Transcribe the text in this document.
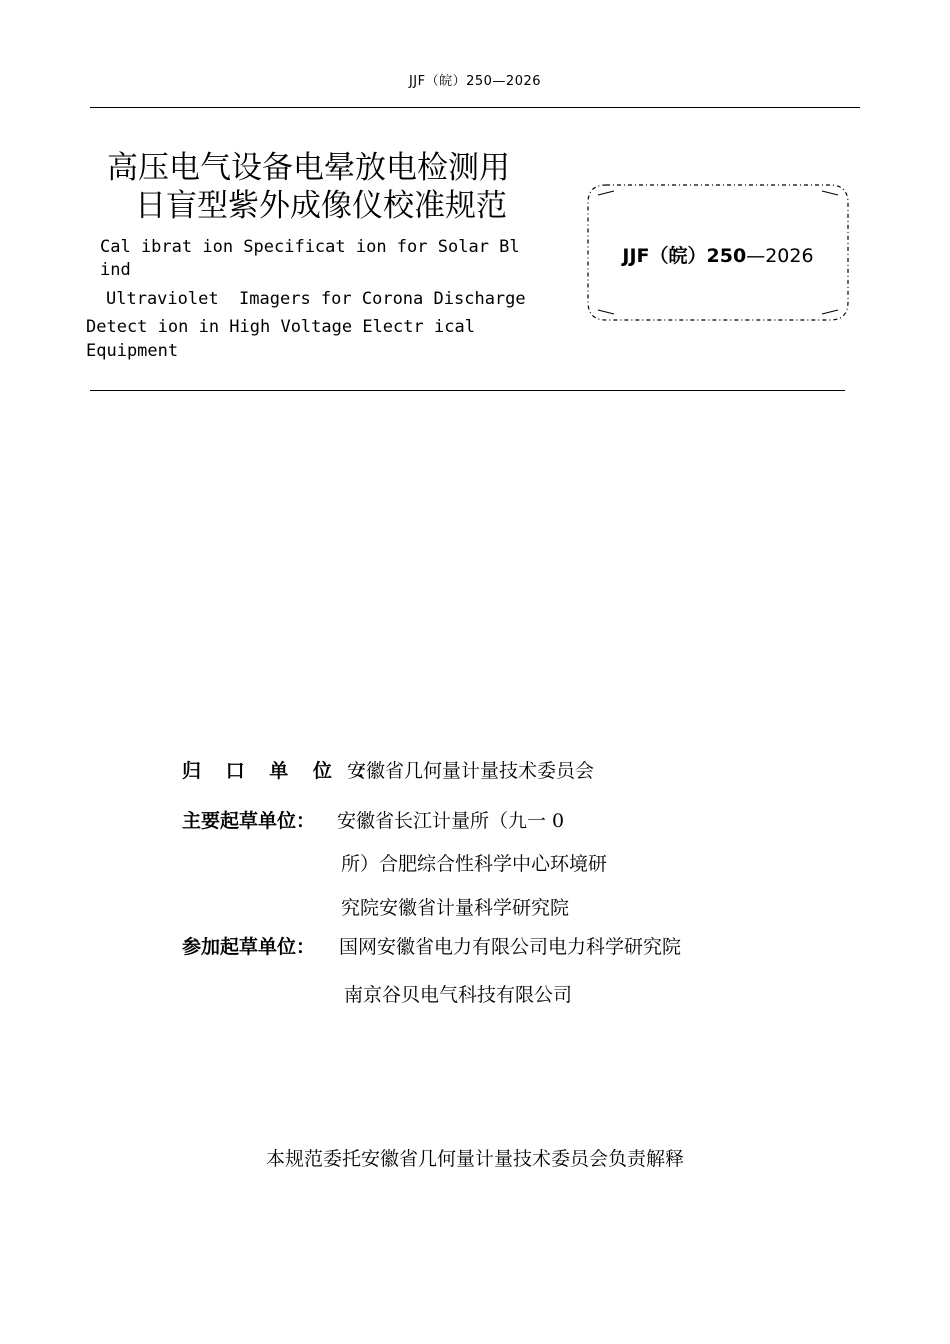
JJF（皖）250—2026
高压电气设备电晕放电检测用
日盲型紫外成像仪校准规范
Cal ibrat ion Specificat ion for Solar Bl
ind
Ultraviolet  Imagers for Corona Discharge
Detect ion in High Voltage Electr ical
Equipment
JJF（皖）250—2026
归 口 单 位 ：
安徽省几何量计量技术委员会
主要起草单位： 安徽省长江计量所（九一 0
所）合肥综合性科学中心环境研
究院安徽省计量科学研究院
参加起草单位： 国网安徽省电力有限公司电力科学研究院
南京谷贝电气科技有限公司
本规范委托安徽省几何量计量技术委员会负责解释
